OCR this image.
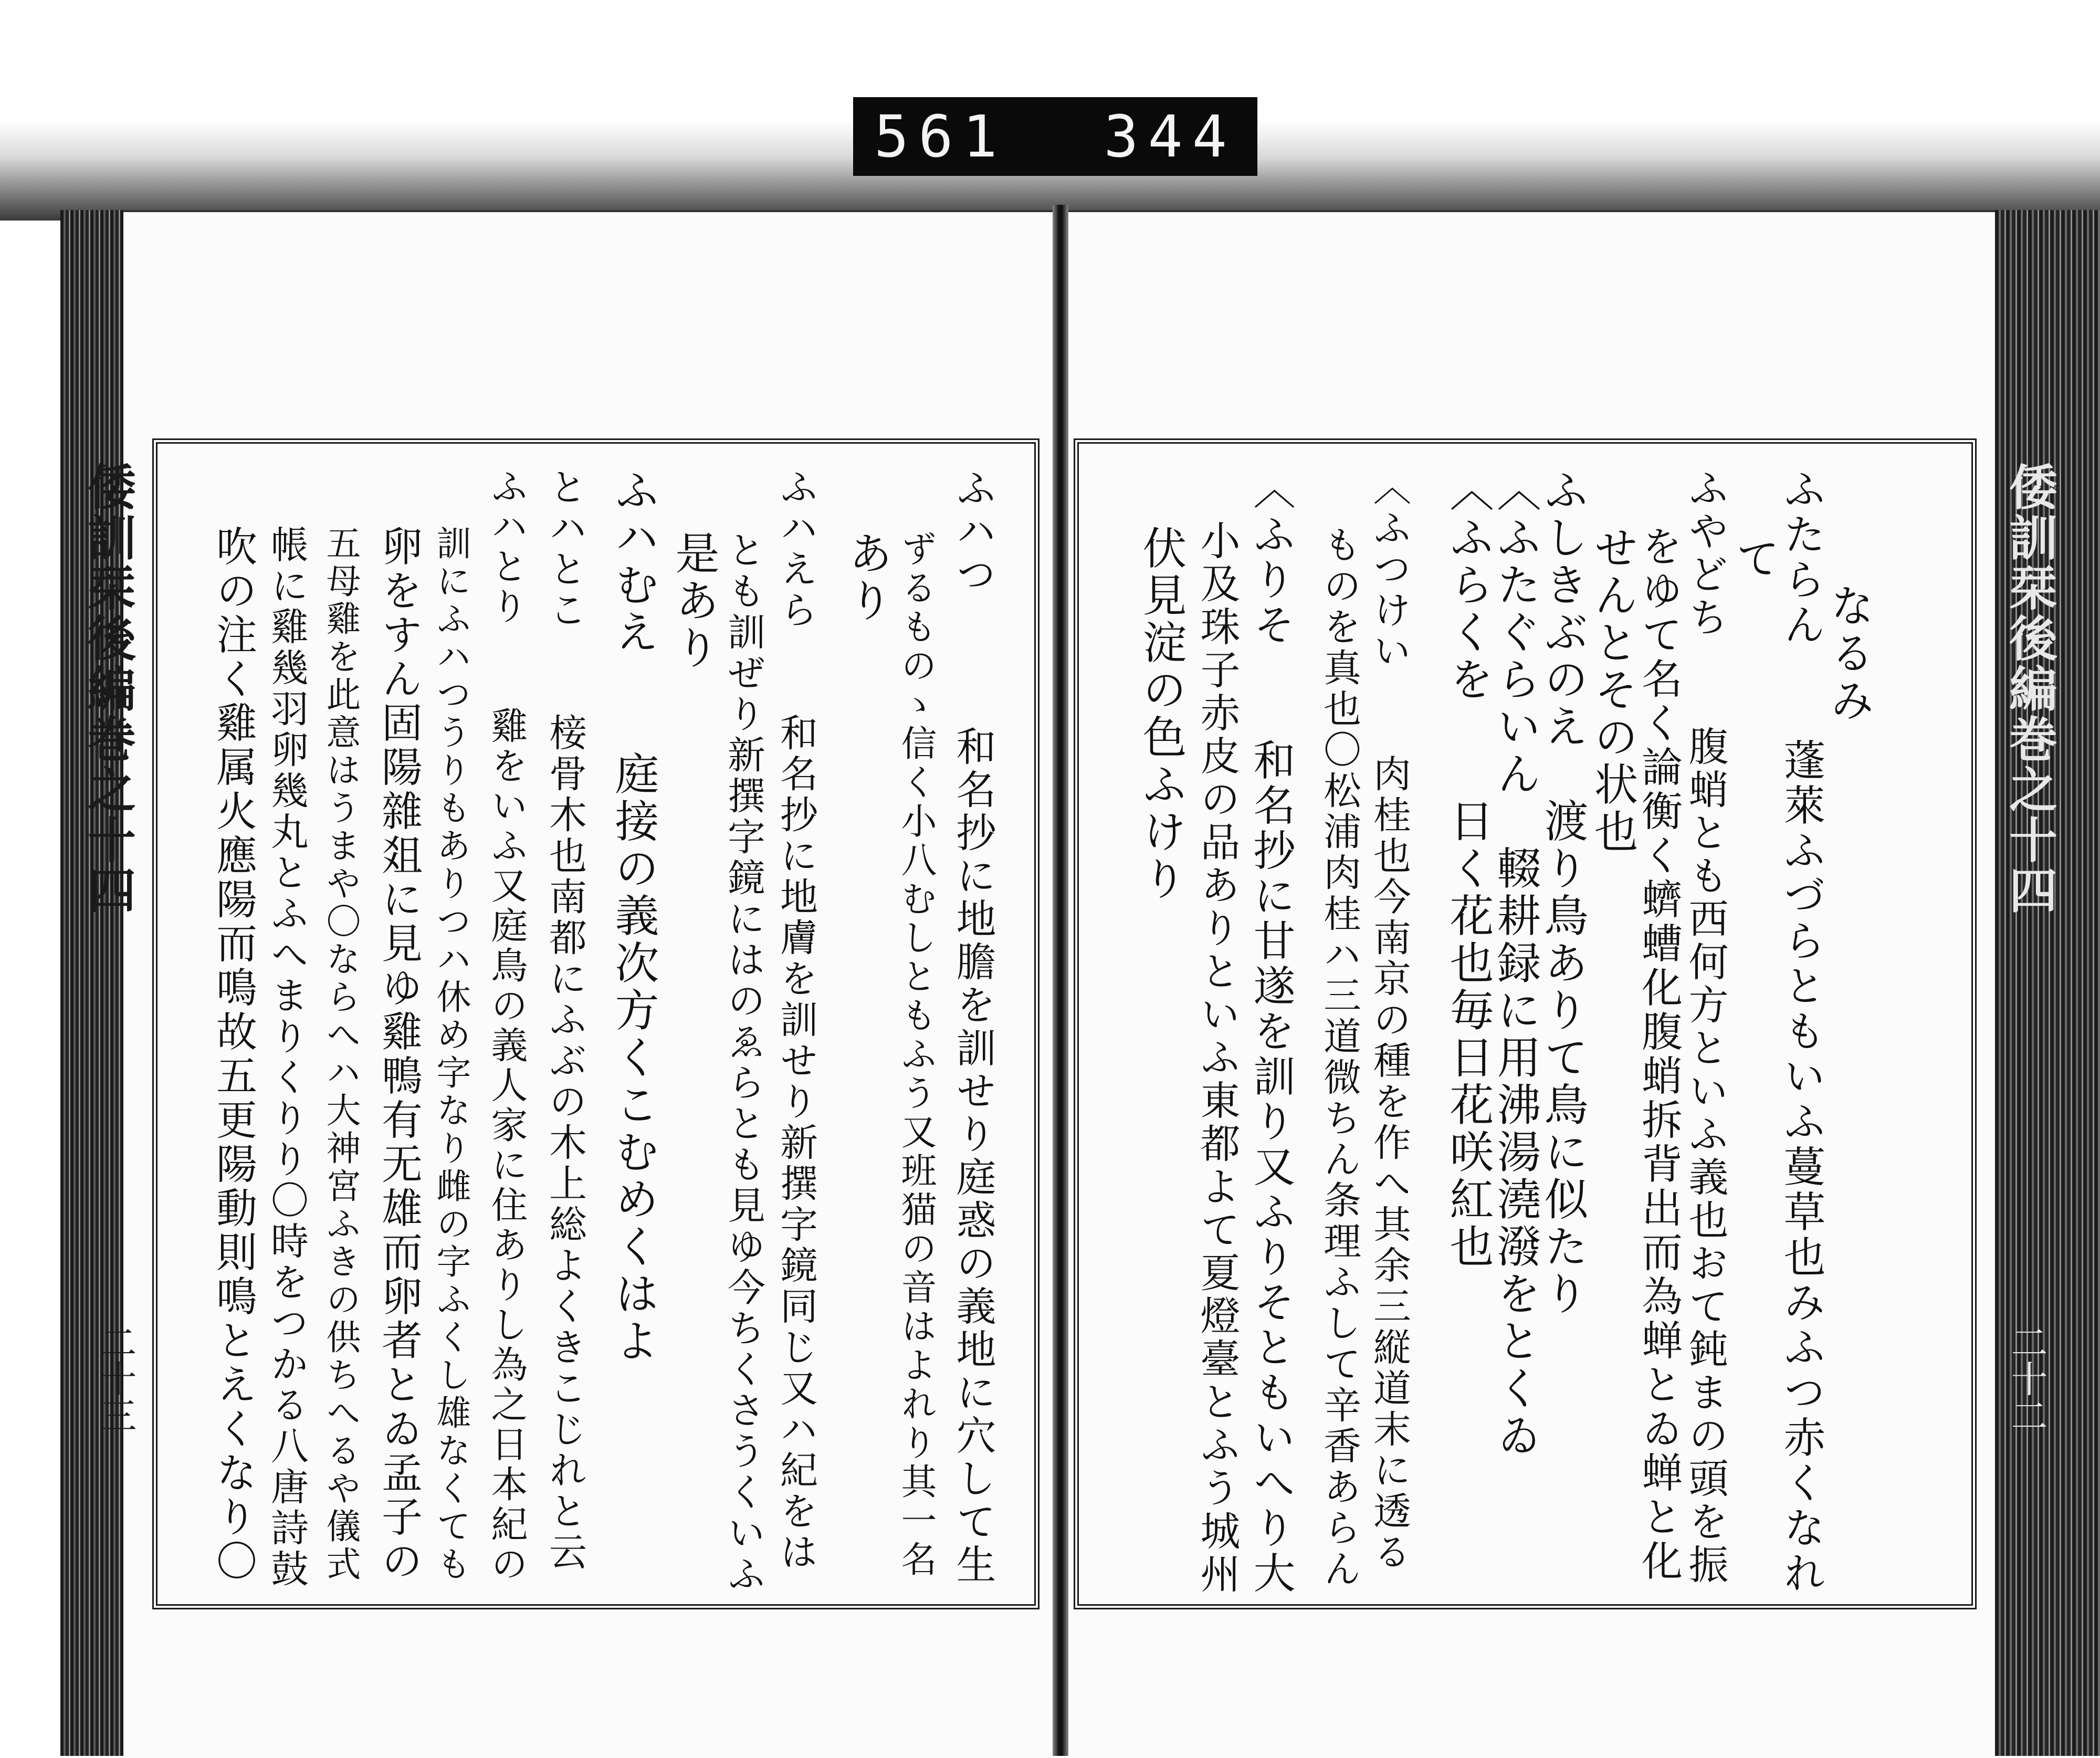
561 344
倭訓栞後編巻之十四
二十三
倭訓栞後編巻之十四
二十二
なるみ
ふたらん　　蓬萊ふづらともいふ蔓草也みふつ赤くなれ
て
ふやどち　　腹蛸とも西何方といふ義也おて鈍まの頭を振
をゆて名く論衡く蠐螬化腹蛸拆背出而為蝉とゐ蝉と化
せんとその状也
ふしきぶのえ　渡り鳥ありて鳥に似たり
〈ふたぐらいん　輟耕録に用沸湯澆潑をとくゐ
〈ふらくを　　日く花也毎日花咲紅也
〈ふつけい　　肉桂也今南京の種を作へ其余三縦道末に透る
ものを真也〇松浦肉桂ハ三道微ちん条理ふして辛香あらん
〈ふりそ　　和名抄に甘遂を訓り又ふりそともいへり大
小及珠子赤皮の品ありといふ東都よて夏燈臺とふう城州
伏見淀の色ふけり
ふハつ　　　和名抄に地膽を訓せり庭惑の義地に穴して生
ずるものゝ信く小八むしともふう又班猫の音はよれり其一名
あり
ふハえら　　和名抄に地膚を訓せり新撰字鏡同じ又ハ紀をは
とも訓ぜり新撰字鏡にはのゑらとも見ゆ今ちくさうくいふ
是あり
ふハむえ　　庭接の義次方くこむめくはよ
とハとこ　　椄骨木也南都にふぶの木上総よくきこじれと云
ふハとり　　雞をいふ又庭鳥の義人家に住ありし為之日本紀の
訓にふハつうりもありつハ休め字なり雌の字ふくし雄なくても
卵をすん固陽雜爼に見ゆ雞鴨有无雄而卵者とゐ孟子の
五母雞を此意はうまや〇ならへハ大神宮ふきの供ちへるや儀式
帳に雞幾羽卵幾丸とふへまりくりり〇時をつかる八唐詩鼓
吹の注く雞属火應陽而鳴故五更陽動則鳴とえくなり〇
